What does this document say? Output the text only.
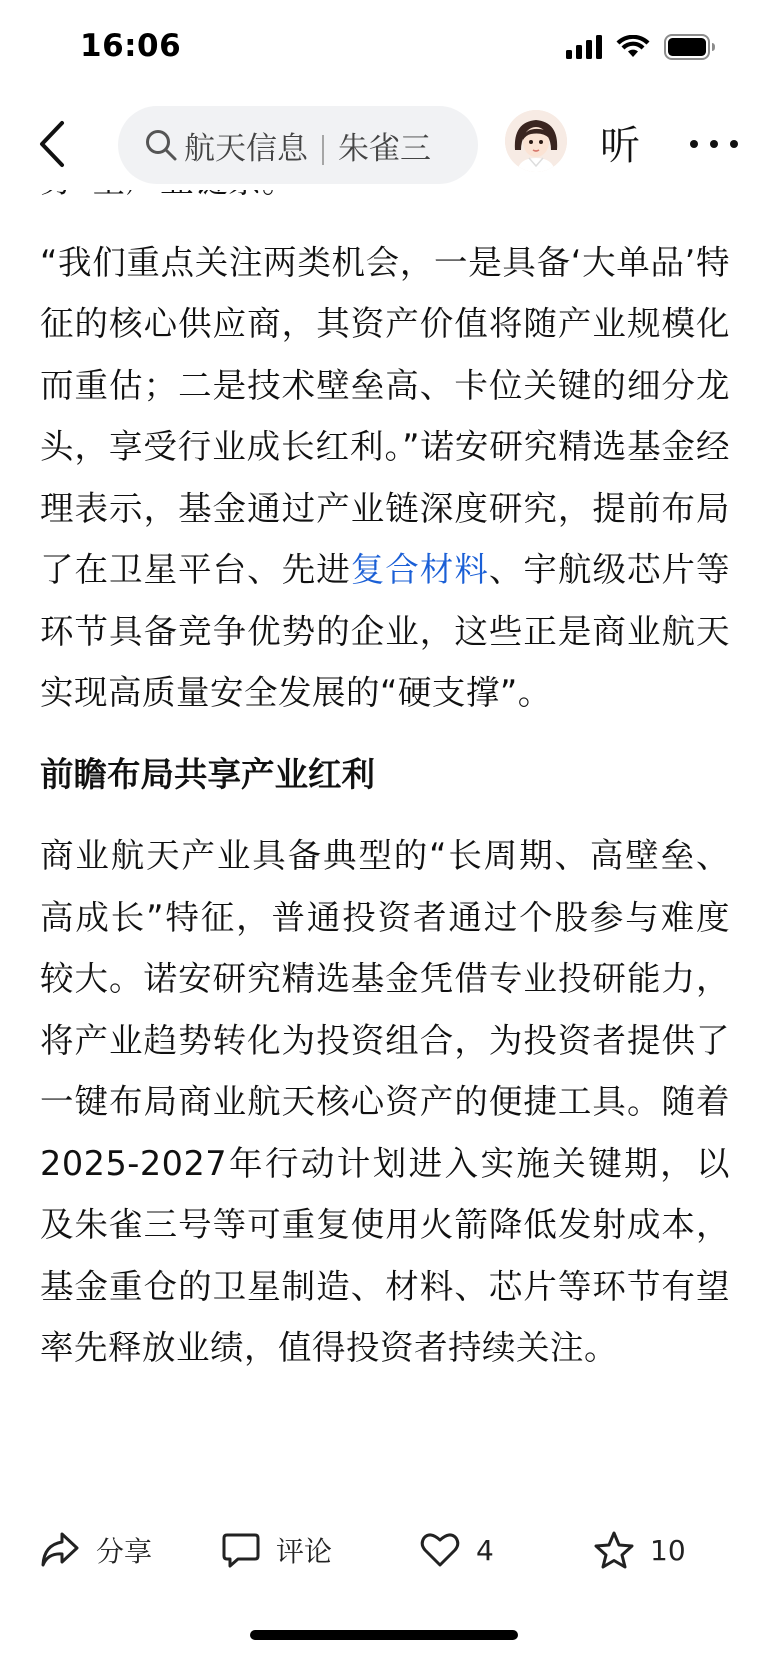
16:06
航天信息 朱雀三	听

“我们重点关注两类机会，一是具备‘大单品’特征的核心供应商，其资产价值将随产业规模化而重估；二是技术壁垒高、卡位关键的细分龙头，享受行业成长红利。”诺安研究精选基金经理表示，基金通过产业链深度研究，提前布局了在卫星平台、先进复合材料、宇航级芯片等环节具备竞争优势的企业，这些正是商业航天实现高质量安全发展的“硬支撑”。

前瞻布局共享产业红利

商业航天产业具备典型的“长周期、高壁垒、高成长”特征，普通投资者通过个股参与难度较大。诺安研究精选基金凭借专业投研能力，将产业趋势转化为投资组合，为投资者提供了一键布局商业航天核心资产的便捷工具。随着2025-2027年行动计划进入实施关键期，以及朱雀三号等可重复使用火箭降低发射成本，基金重仓的卫星制造、材料、芯片等环节有望率先释放业绩，值得投资者持续关注。

分享	评论	4	10
